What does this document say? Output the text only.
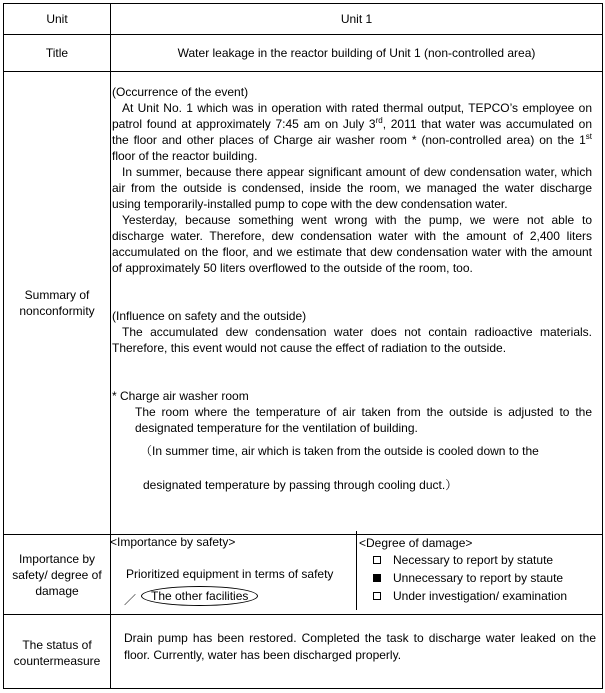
Unit
Title
Summary of nonconformity
Importance by safety/ degree of damage
The status of countermeasure
Unit 1
Water leakage in the reactor building of Unit 1 (non-controlled area)

(Occurrence of the event)

At Unit No. 1 which was in operation with rated thermal output, TEPCO’s employee on patrol found at approximately 7:45 am on July 3rd, 2011 that water was accumulated on the floor and other places of Charge air washer room * (non-controlled area) on the 1st floor of the reactor building.

In summer, because there appear significant amount of dew condensation water, which air from the outside is condensed, inside the room, we managed the water discharge using temporarily-installed pump to cope with the dew condensation water.

Yesterday, because something went wrong with the pump, we were not able to discharge water. Therefore, dew condensation water with the amount of 2,400 liters accumulated on the floor, and we estimate that dew condensation water with the amount of approximately 50 liters overflowed to the outside of the room, too.

(Influence on safety and the outside)

The accumulated dew condensation water does not contain radioactive materials. Therefore, this event would not cause the effect of radiation to the outside.

* Charge air washer room

The room where the temperature of air taken from the outside is adjusted to the designated temperature for the ventilation of building.

（In summer time, air which is taken from the outside is cooled down to the

designated temperature by passing through cooling duct.）

<Importance by safety>
Prioritized equipment in terms of safety
／	The other facilities
<Degree of damage>
Necessary to report by statute
Unnecessary to report by staute
Under investigation/ examination
Drain pump has been restored. Completed the task to discharge water leaked on the floor. Currently, water has been discharged properly.
